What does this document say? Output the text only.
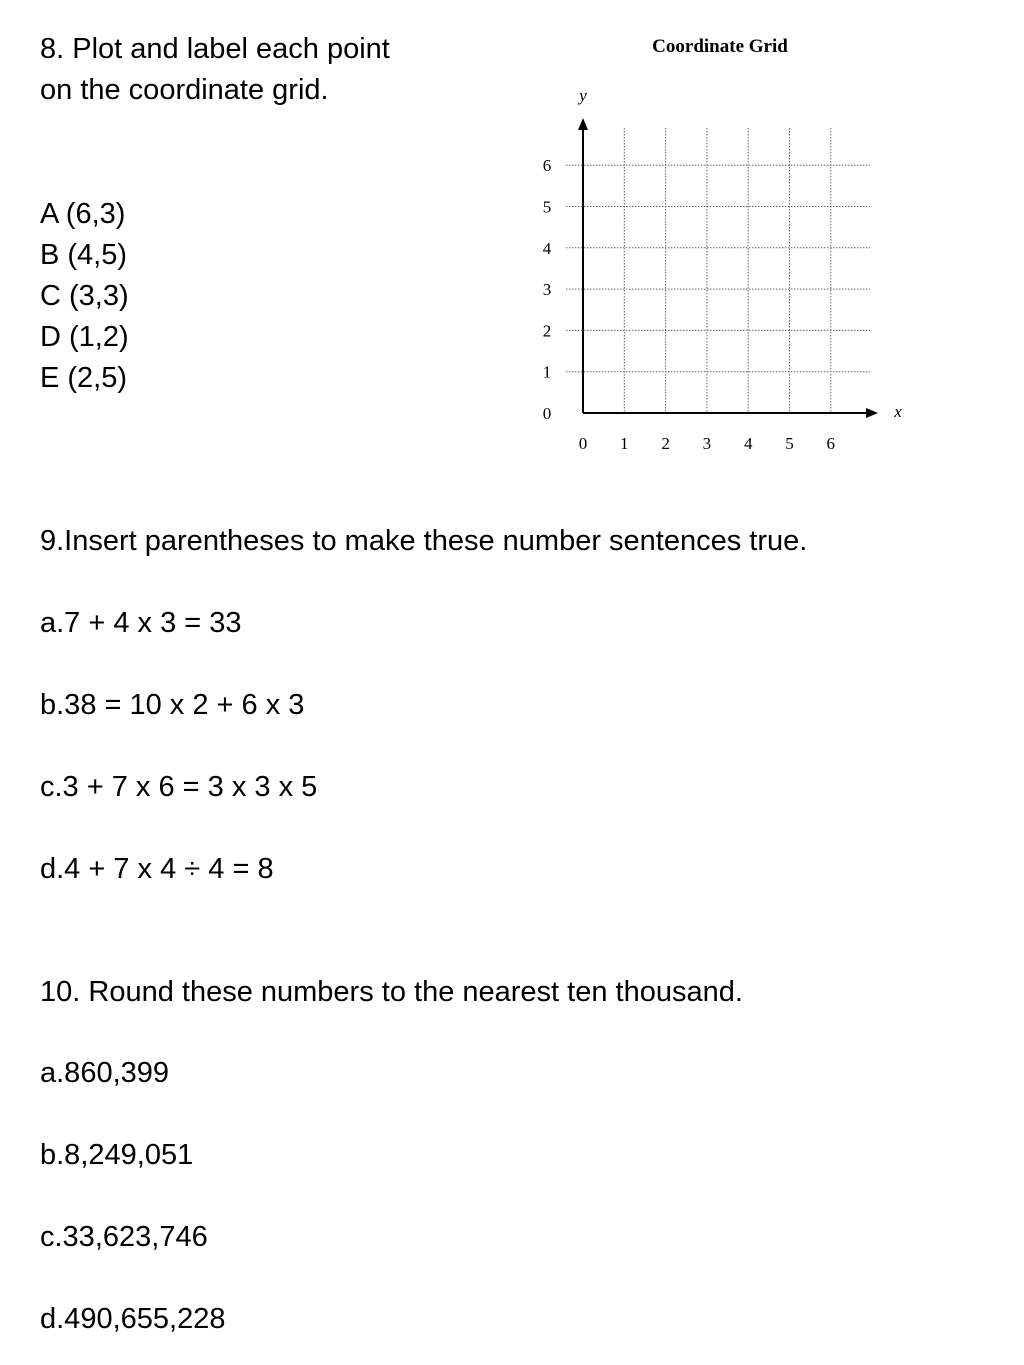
8. Plot and label each point

on the coordinate grid.

A (6,3)

B (4,5)

C (3,3)

D (1,2)

E (2,5)

Coordinate Grid
y
x
0 1 2 3 4 5 6
0
1
2
3
4
5
6

9.Insert parentheses to make these number sentences true.

a.7 + 4 x 3 = 33

b.38 = 10 x 2 + 6 x 3

c.3 + 7 x 6 = 3 x 3 x 5

d.4 + 7 x 4 ÷ 4 = 8

10. Round these numbers to the nearest ten thousand.

a.860,399

b.8,249,051

c.33,623,746

d.490,655,228
